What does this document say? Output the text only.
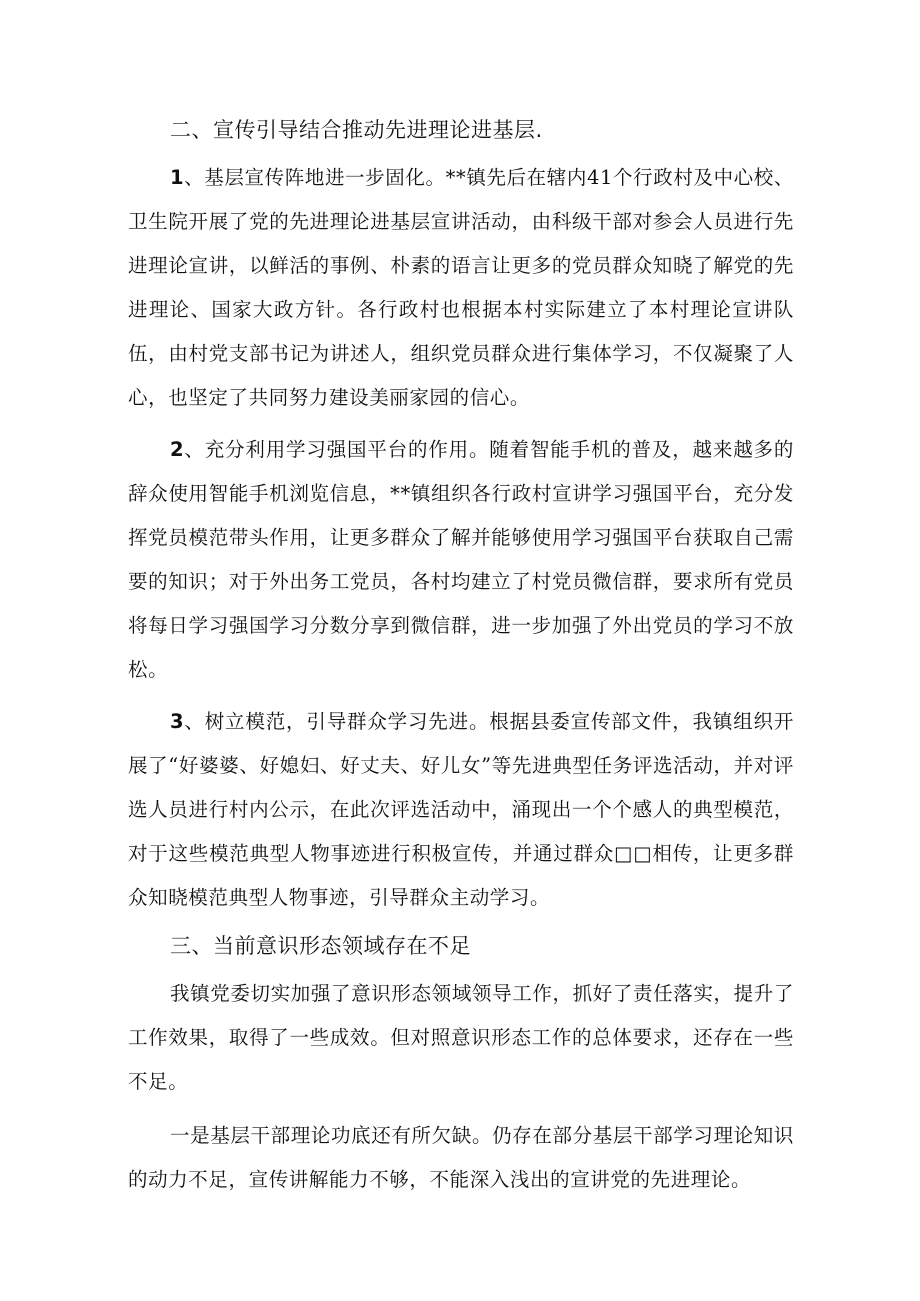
二、宣传引导结合推动先进理论进基层.

1、基层宣传阵地进一步固化。**镇先后在辖内41个行政村及中心校、卫生院开展了党的先进理论进基层宣讲活动，由科级干部对参会人员进行先进理论宣讲，以鲜活的事例、朴素的语言让更多的党员群众知晓了解党的先进理论、国家大政方针。各行政村也根据本村实际建立了本村理论宣讲队伍，由村党支部书记为讲述人，组织党员群众进行集体学习，不仅凝聚了人心，也坚定了共同努力建设美丽家园的信心。

2、充分利用学习强国平台的作用。随着智能手机的普及，越来越多的辞众使用智能手机浏览信息，**镇组织各行政村宣讲学习强国平台，充分发挥党员模范带头作用，让更多群众了解并能够使用学习强国平台获取自己需要的知识；对于外出务工党员，各村均建立了村党员微信群，要求所有党员将每日学习强国学习分数分享到微信群，进一步加强了外出党员的学习不放松。

3、树立模范，引导群众学习先进。根据县委宣传部文件，我镇组织开展了“好婆婆、好媳妇、好丈夫、好儿女”等先进典型任务评选活动，并对评选人员进行村内公示，在此次评选活动中，涌现出一个个感人的典型模范，对于这些模范典型人物事迹进行积极宣传，并通过群众□□相传，让更多群众知晓模范典型人物事迹，引导群众主动学习。

三、当前意识形态领域存在不足

我镇党委切实加强了意识形态领域领导工作，抓好了责任落实，提升了工作效果，取得了一些成效。但对照意识形态工作的总体要求，还存在一些不足。

一是基层干部理论功底还有所欠缺。仍存在部分基层干部学习理论知识的动力不足，宣传讲解能力不够，不能深入浅出的宣讲党的先进理论。
